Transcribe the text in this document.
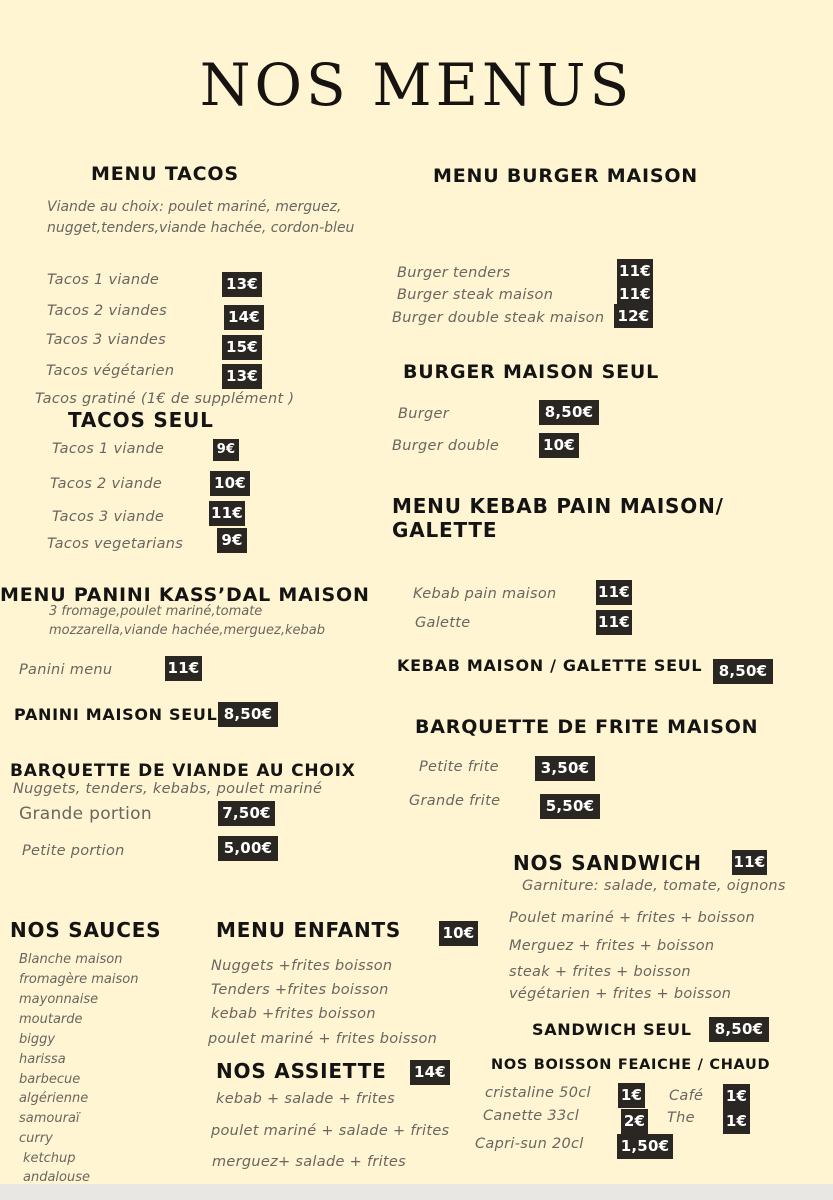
NOS MENUS
MENU TACOS
Viande au choix: poulet mariné, merguez,
nugget,tenders,viande hachée, cordon-bleu
Tacos 1 viande	13€
Tacos 2 viandes	14€
Tacos 3 viandes	15€
Tacos végétarien	13€
Tacos gratiné (1€ de supplément )
TACOS SEUL
Tacos 1 viande	9€
Tacos 2 viande	10€
Tacos 3 viande	11€
Tacos vegetarians	9€
MENU BURGER MAISON
Burger tenders	11€
Burger steak maison	11€
Burger double steak maison 12€
BURGER MAISON SEUL
Burger	8,50€
Burger double	10€
MENU KEBAB PAIN MAISON/
GALETTE
Kebab pain maison	11€
Galette	11€
KEBAB MAISON / GALETTE SEUL	8,50€
MENU PANINI KASS’DAL MAISON
3 fromage,poulet mariné,tomate
mozzarella,viande hachée,merguez,kebab
Panini menu	11€
PANINI MAISON SEUL 8,50€
BARQUETTE DE VIANDE AU CHOIX
Nuggets, tenders, kebabs, poulet mariné
Grande portion	7,50€
Petite portion	5,00€
BARQUETTE DE FRITE MAISON
Petite frite	3,50€
Grande frite	5,50€
NOS SANDWICH 11€
Garniture: salade, tomate, oignons
Poulet mariné + frites + boisson
Merguez + frites + boisson
steak + frites + boisson
végétarien + frites + boisson
SANDWICH SEUL	8,50€
NOS SAUCES
Blanche maison
fromagère maison
mayonnaise
moutarde
biggy
harissa
barbecue
algérienne
samouraï
curry
ketchup
andalouse
MENU ENFANTS	10€
Nuggets +frites boisson
Tenders +frites boisson
kebab +frites boisson
poulet mariné + frites boisson
NOS ASSIETTE 14€
kebab + salade + frites
poulet mariné + salade + frites
merguez+ salade + frites
NOS BOISSON FEAICHE / CHAUD
cristaline 50cl 1€
Canette 33cl	2€
Capri-sun 20cl 1,50€
Café 1€
The 1€
